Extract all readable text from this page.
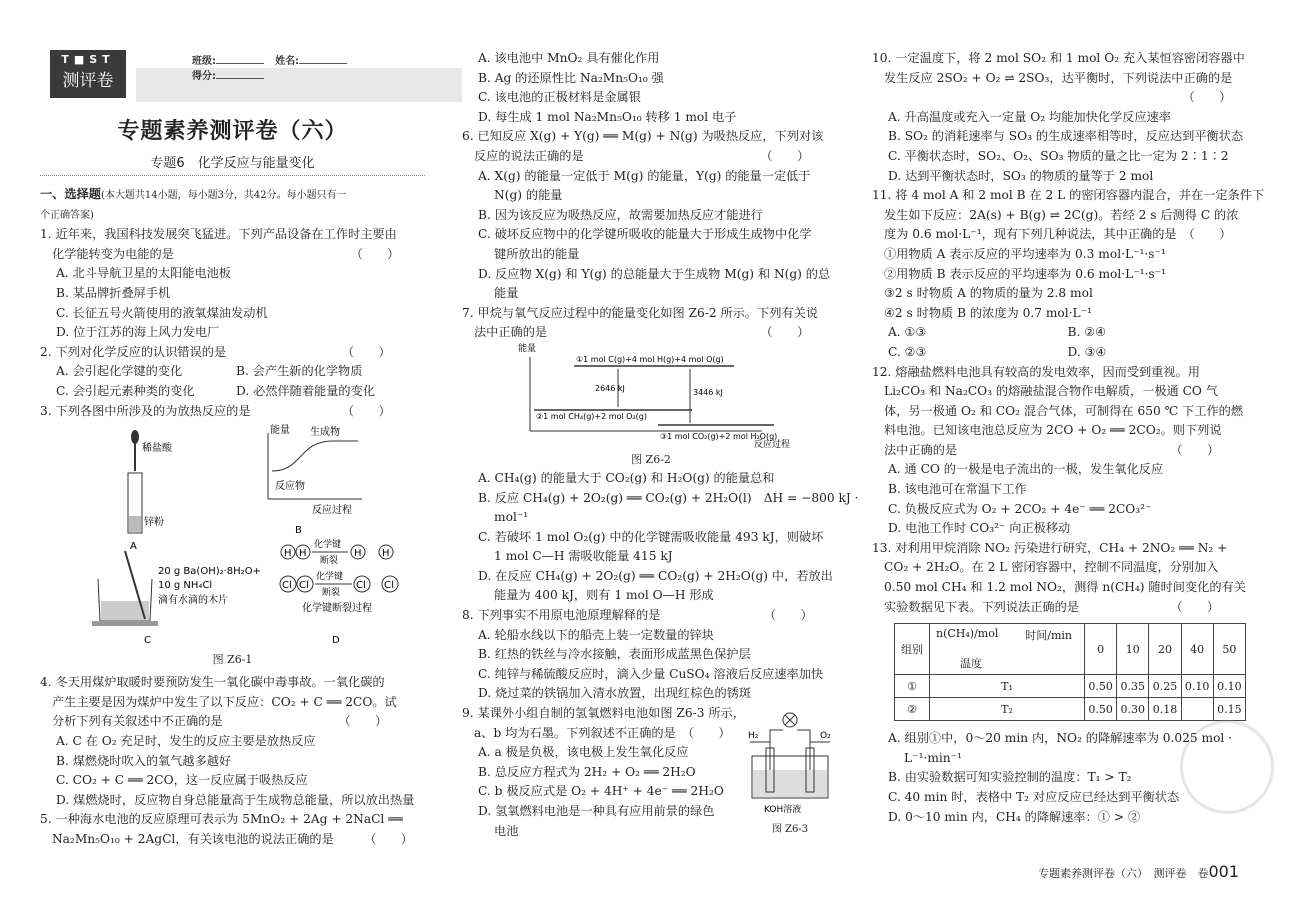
T■ST
测评卷
班级:	姓名: 得分:
专题素养测评卷（六）
专题6　化学反应与能量变化
一、选择题(本大题共14小题，每小题3分，共42分。每小题只有一
个正确答案)
1. 近年来，我国科技发展突飞猛进。下列产品设备在工作时主要由
化学能转变为电能的是　　　　　　　　　　　　　　　（　　）
A. 北斗导航卫星的太阳能电池板
B. 某品牌折叠屏手机
C. 长征五号火箭使用的液氧煤油发动机
D. 位于江苏的海上风力发电厂
2. 下列对化学反应的认识错误的是　　　　　　　　　　（　　）
A. 会引起化学键的变化	B. 会产生新的化学物质
C. 会引起元素种类的变化	D. 必然伴随着能量的变化
3. 下列各图中所涉及的为放热反应的是　　　　　　　　（　　）
稀盐酸
锌粉
A
能量 生成物
反应物
反应过程
B
20 g Ba(OH)₂·8H₂O+
10 g NH₄Cl
滴有水滴的木片
C
H H	H H
Cl Cl	Cl Cl
化学键
断裂
化学键
断裂
化学键断裂过程
D
图 Z6-1
4. 冬天用煤炉取暖时要预防发生一氧化碳中毒事故。一氧化碳的
产生主要是因为煤炉中发生了以下反应：CO₂ + C ══ 2CO。试
分析下列有关叙述中不正确的是　　　　　　　　　　（　　）
A. C 在 O₂ 充足时，发生的反应主要是放热反应
B. 煤燃烧时吹入的氧气越多越好
C. CO₂ + C ══ 2CO，这一反应属于吸热反应
D. 煤燃烧时，反应物自身总能量高于生成物总能量，所以放出热量
5. 一种海水电池的反应原理可表示为 5MnO₂ + 2Ag + 2NaCl ══
Na₂Mn₅O₁₀ + 2AgCl，有关该电池的说法正确的是　　　（　　）
A. 该电池中 MnO₂ 具有催化作用
B. Ag 的还原性比 Na₂Mn₅O₁₀ 强
C. 该电池的正极材料是金属银
D. 每生成 1 mol Na₂Mn₅O₁₀ 转移 1 mol 电子
6. 已知反应 X(g) + Y(g) ══ M(g) + N(g) 为吸热反应，下列对该
反应的说法正确的是　　　　　　　　　　　　　　　（　　）
A. X(g) 的能量一定低于 M(g) 的能量，Y(g) 的能量一定低于
　 N(g) 的能量
B. 因为该反应为吸热反应，故需要加热反应才能进行
C. 破坏反应物中的化学键所吸收的能量大于形成生成物中化学
　 键所放出的能量
D. 反应物 X(g) 和 Y(g) 的总能量大于生成物 M(g) 和 N(g) 的总
　 能量
7. 甲烷与氧气反应过程中的能量变化如图 Z6-2 所示。下列有关说
法中正确的是　　　　　　　　　　　　　　　　　　（　　）
能量
①1 mol C(g)+4 mol H(g)+4 mol O(g)
②1 mol CH₄(g)+2 mol O₂(g)
③1 mol CO₂(g)+2 mol H₂O(g)
2646 kJ	3446 kJ
反应过程
图 Z6-2
A. CH₄(g) 的能量大于 CO₂(g) 和 H₂O(g) 的能量总和
B. 反应 CH₄(g) + 2O₂(g) ══ CO₂(g) + 2H₂O(l)　ΔH = −800 kJ ·
　 mol⁻¹
C. 若破坏 1 mol O₂(g) 中的化学键需吸收能量 493 kJ，则破坏
　 1 mol C—H 需吸收能量 415 kJ
D. 在反应 CH₄(g) + 2O₂(g) ══ CO₂(g) + 2H₂O(g) 中，若放出
　 能量为 400 kJ，则有 1 mol O—H 形成
8. 下列事实不用原电池原理解释的是　　　　　　　　　（　　）
A. 轮船水线以下的船壳上装一定数量的锌块
B. 红热的铁丝与冷水接触，表面形成蓝黑色保护层
C. 纯锌与稀硫酸反应时，滴入少量 CuSO₄ 溶液后反应速率加快
D. 烧过菜的铁锅加入清水放置，出现红棕色的锈斑
9. 某课外小组自制的氢氧燃料电池如图 Z6-3 所示，
a、b 均为石墨。下列叙述不正确的是　（　　）
A. a 极是负极，该电极上发生氧化反应
B. 总反应方程式为 2H₂ + O₂ ══ 2H₂O
C. b 极反应式是 O₂ + 4H⁺ + 4e⁻ ══ 2H₂O
D. 氢氧燃料电池是一种具有应用前景的绿色
　 电池
H₂	O₂
KOH溶液
图 Z6-3
10. 一定温度下，将 2 mol SO₂ 和 1 mol O₂ 充入某恒容密闭容器中
发生反应 2SO₂ + O₂ ⇌ 2SO₃，达平衡时，下列说法中正确的是
　　　　　　　　　　　　　　　　　　　　　　　　　（　　）
A. 升高温度或充入一定量 O₂ 均能加快化学反应速率
B. SO₂ 的消耗速率与 SO₃ 的生成速率相等时，反应达到平衡状态
C. 平衡状态时，SO₂、O₂、SO₃ 物质的量之比一定为 2∶1∶2
D. 达到平衡状态时，SO₃ 的物质的量等于 2 mol
11. 将 4 mol A 和 2 mol B 在 2 L 的密闭容器内混合，并在一定条件下
发生如下反应：2A(s) + B(g) ⇌ 2C(g)。若经 2 s 后测得 C 的浓
度为 0.6 mol·L⁻¹，现有下列几种说法，其中正确的是　（　　）
①用物质 A 表示反应的平均速率为 0.3 mol·L⁻¹·s⁻¹
②用物质 B 表示反应的平均速率为 0.6 mol·L⁻¹·s⁻¹
③2 s 时物质 A 的物质的量为 2.8 mol
④2 s 时物质 B 的浓度为 0.7 mol·L⁻¹
A. ①③	B. ②④
C. ②③	D. ③④
12. 熔融盐燃料电池具有较高的发电效率，因而受到重视。用
Li₂CO₃ 和 Na₂CO₃ 的熔融盐混合物作电解质，一极通 CO 气
体，另一极通 O₂ 和 CO₂ 混合气体，可制得在 650 ℃ 下工作的燃
料电池。已知该电池总反应为 2CO + O₂ ══ 2CO₂。则下列说
法中正确的是　　　　　　　　　　　　　　　　　　（　　）
A. 通 CO 的一极是电子流出的一极，发生氧化反应
B. 该电池可在常温下工作
C. 负极反应式为 O₂ + 2CO₂ + 4e⁻ ══ 2CO₃²⁻
D. 电池工作时 CO₃²⁻ 向正极移动
13. 对利用甲烷消除 NO₂ 污染进行研究，CH₄ + 2NO₂ ══ N₂ +
CO₂ + 2H₂O。在 2 L 密闭容器中，控制不同温度，分别加入
0.50 mol CH₄ 和 1.2 mol NO₂，测得 n(CH₄) 随时间变化的有关
实验数据见下表。下列说法正确的是　　　　　　　　（　　）
组别	n(CH₄)/mol 时间/min
温度	0	10	20	40	50

①	T₁	0.50	0.35	0.25	0.10	0.10
②	T₂	0.50	0.30	0.18		0.15
A. 组别①中，0～20 min 内，NO₂ 的降解速率为 0.025 mol ·
　 L⁻¹·min⁻¹
B. 由实验数据可知实验控制的温度：T₁ > T₂
C. 40 min 时，表格中 T₂ 对应反应已经达到平衡状态
D. 0～10 min 内，CH₄ 的降解速率：① > ②
专题素养测评卷（六）　测评卷　卷001
